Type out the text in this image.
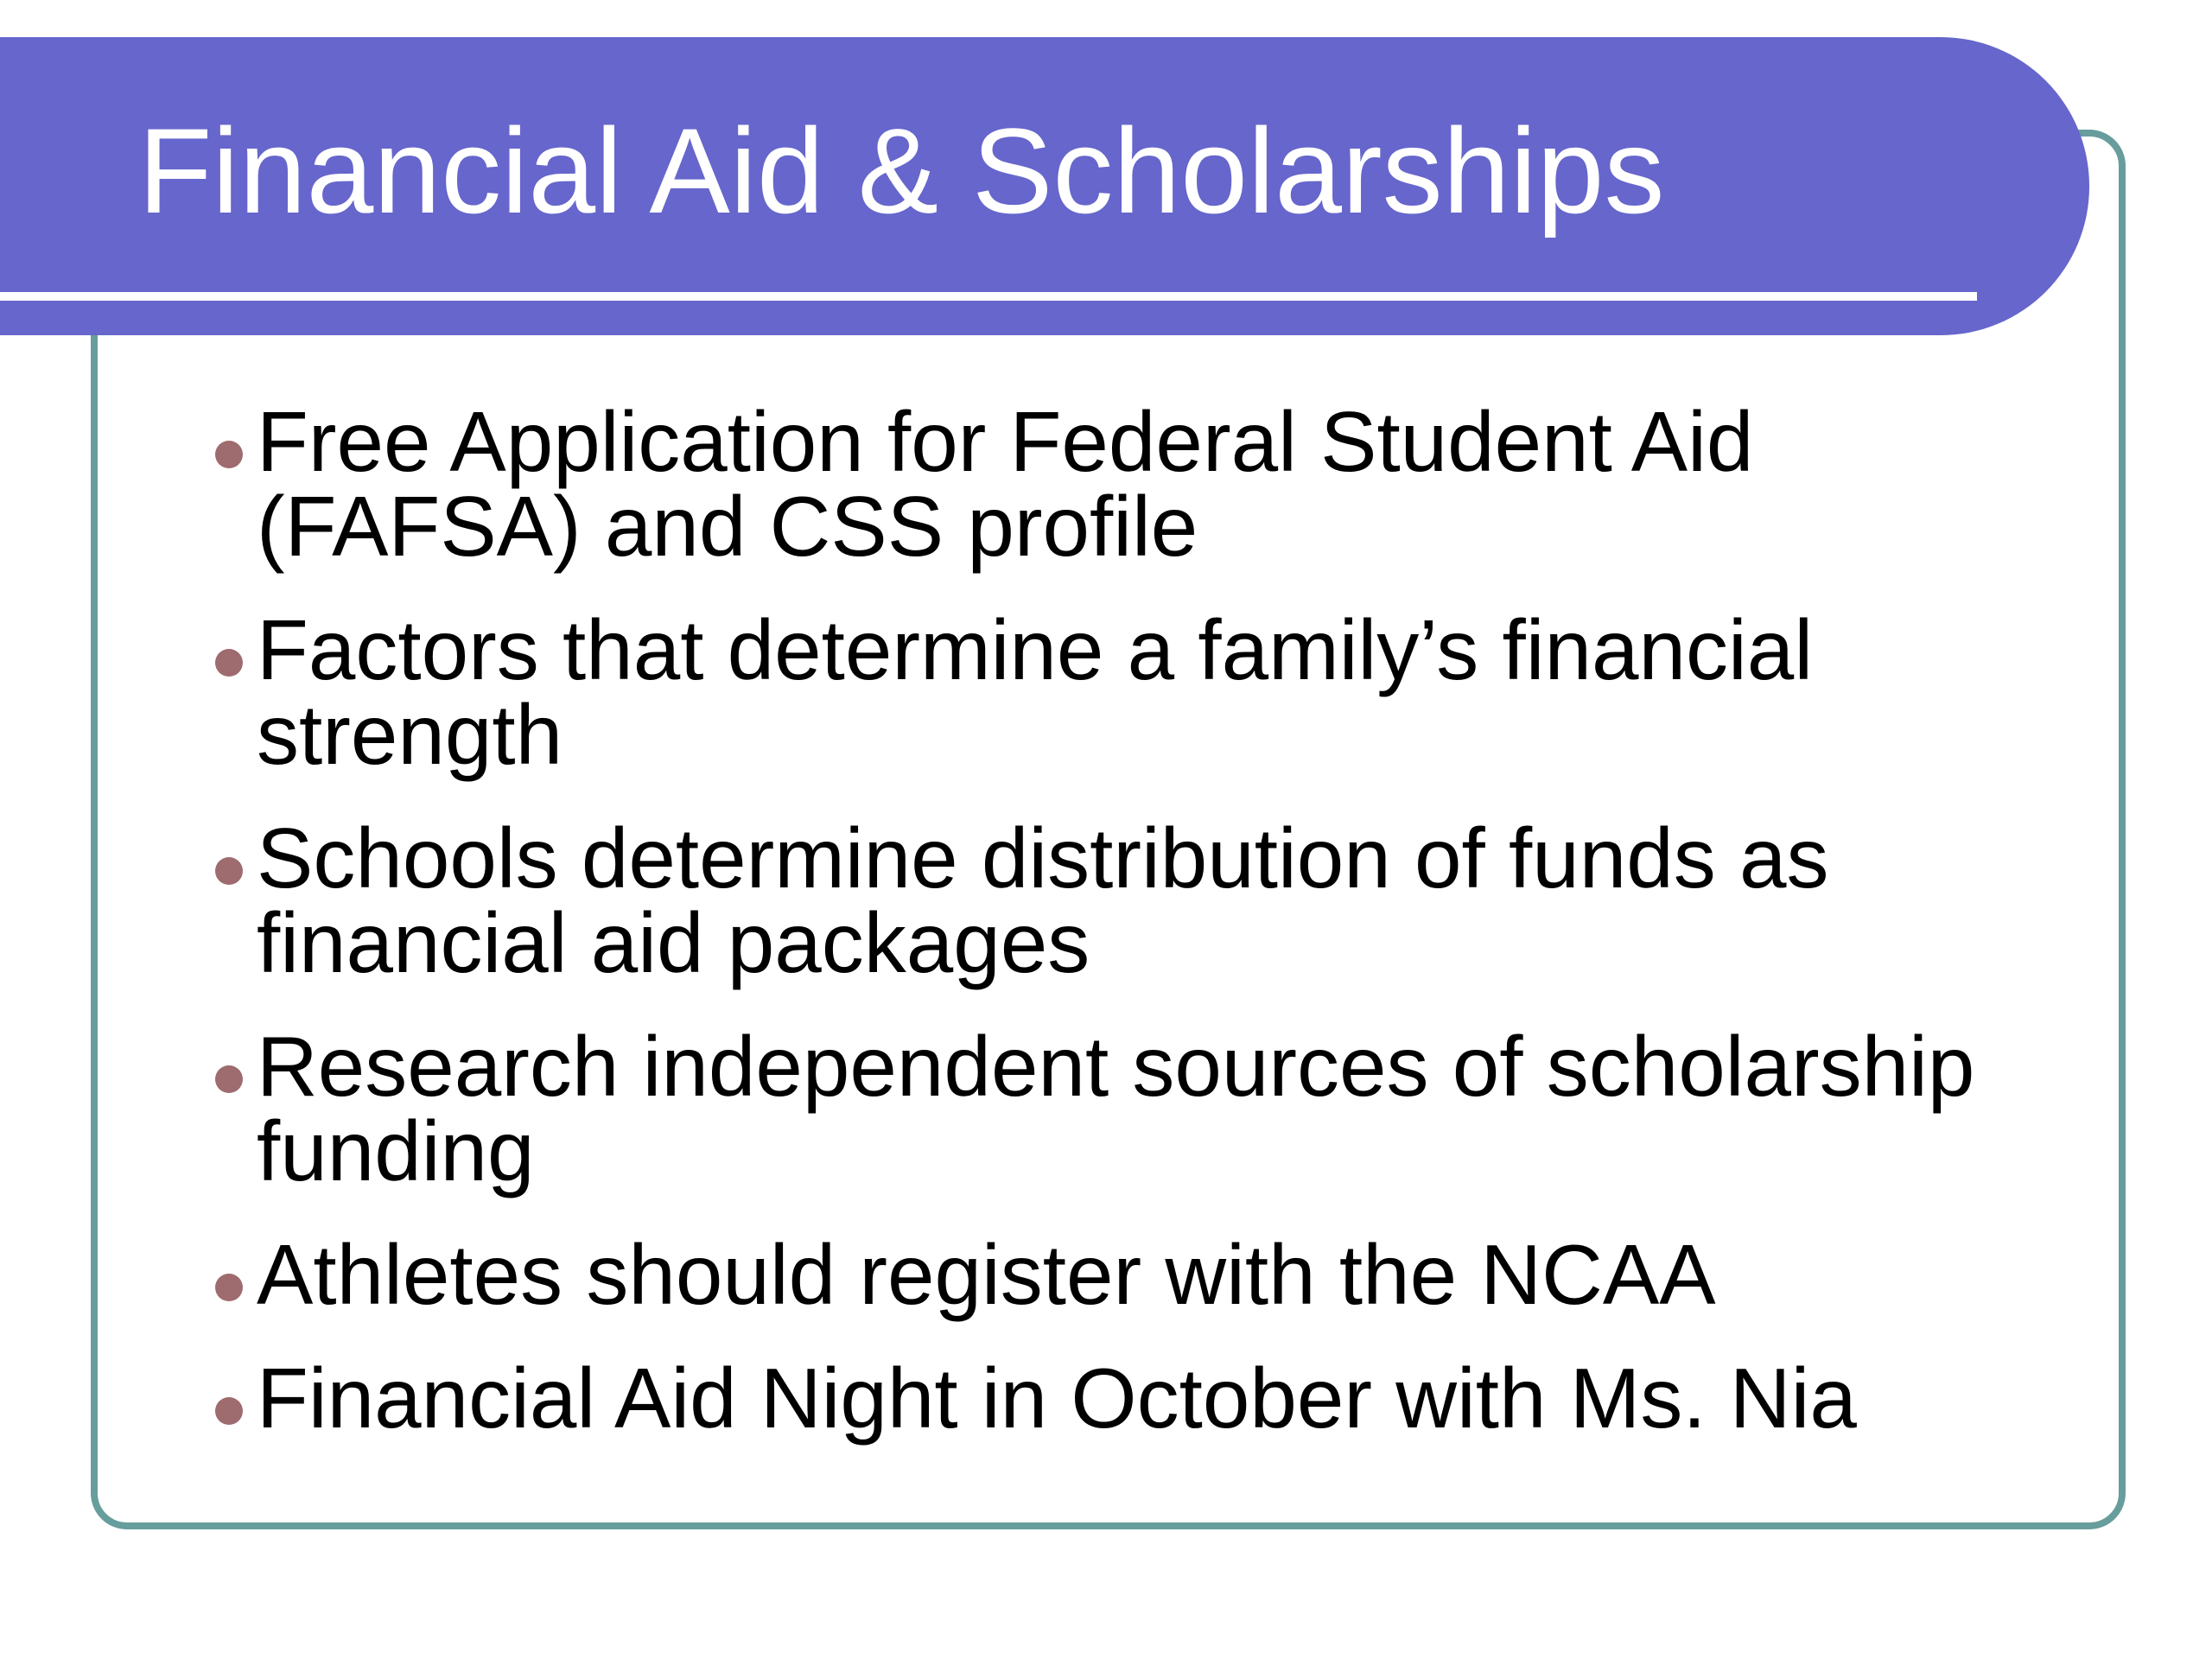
Financial Aid & Scholarships
Free Application for Federal Student Aid (FAFSA) and CSS profile
Factors that determine a family’s financial strength
Schools determine distribution of funds as financial aid packages
Research independent sources of scholarship funding
Athletes should register with the NCAA
Financial Aid Night in October with Ms. Nia
